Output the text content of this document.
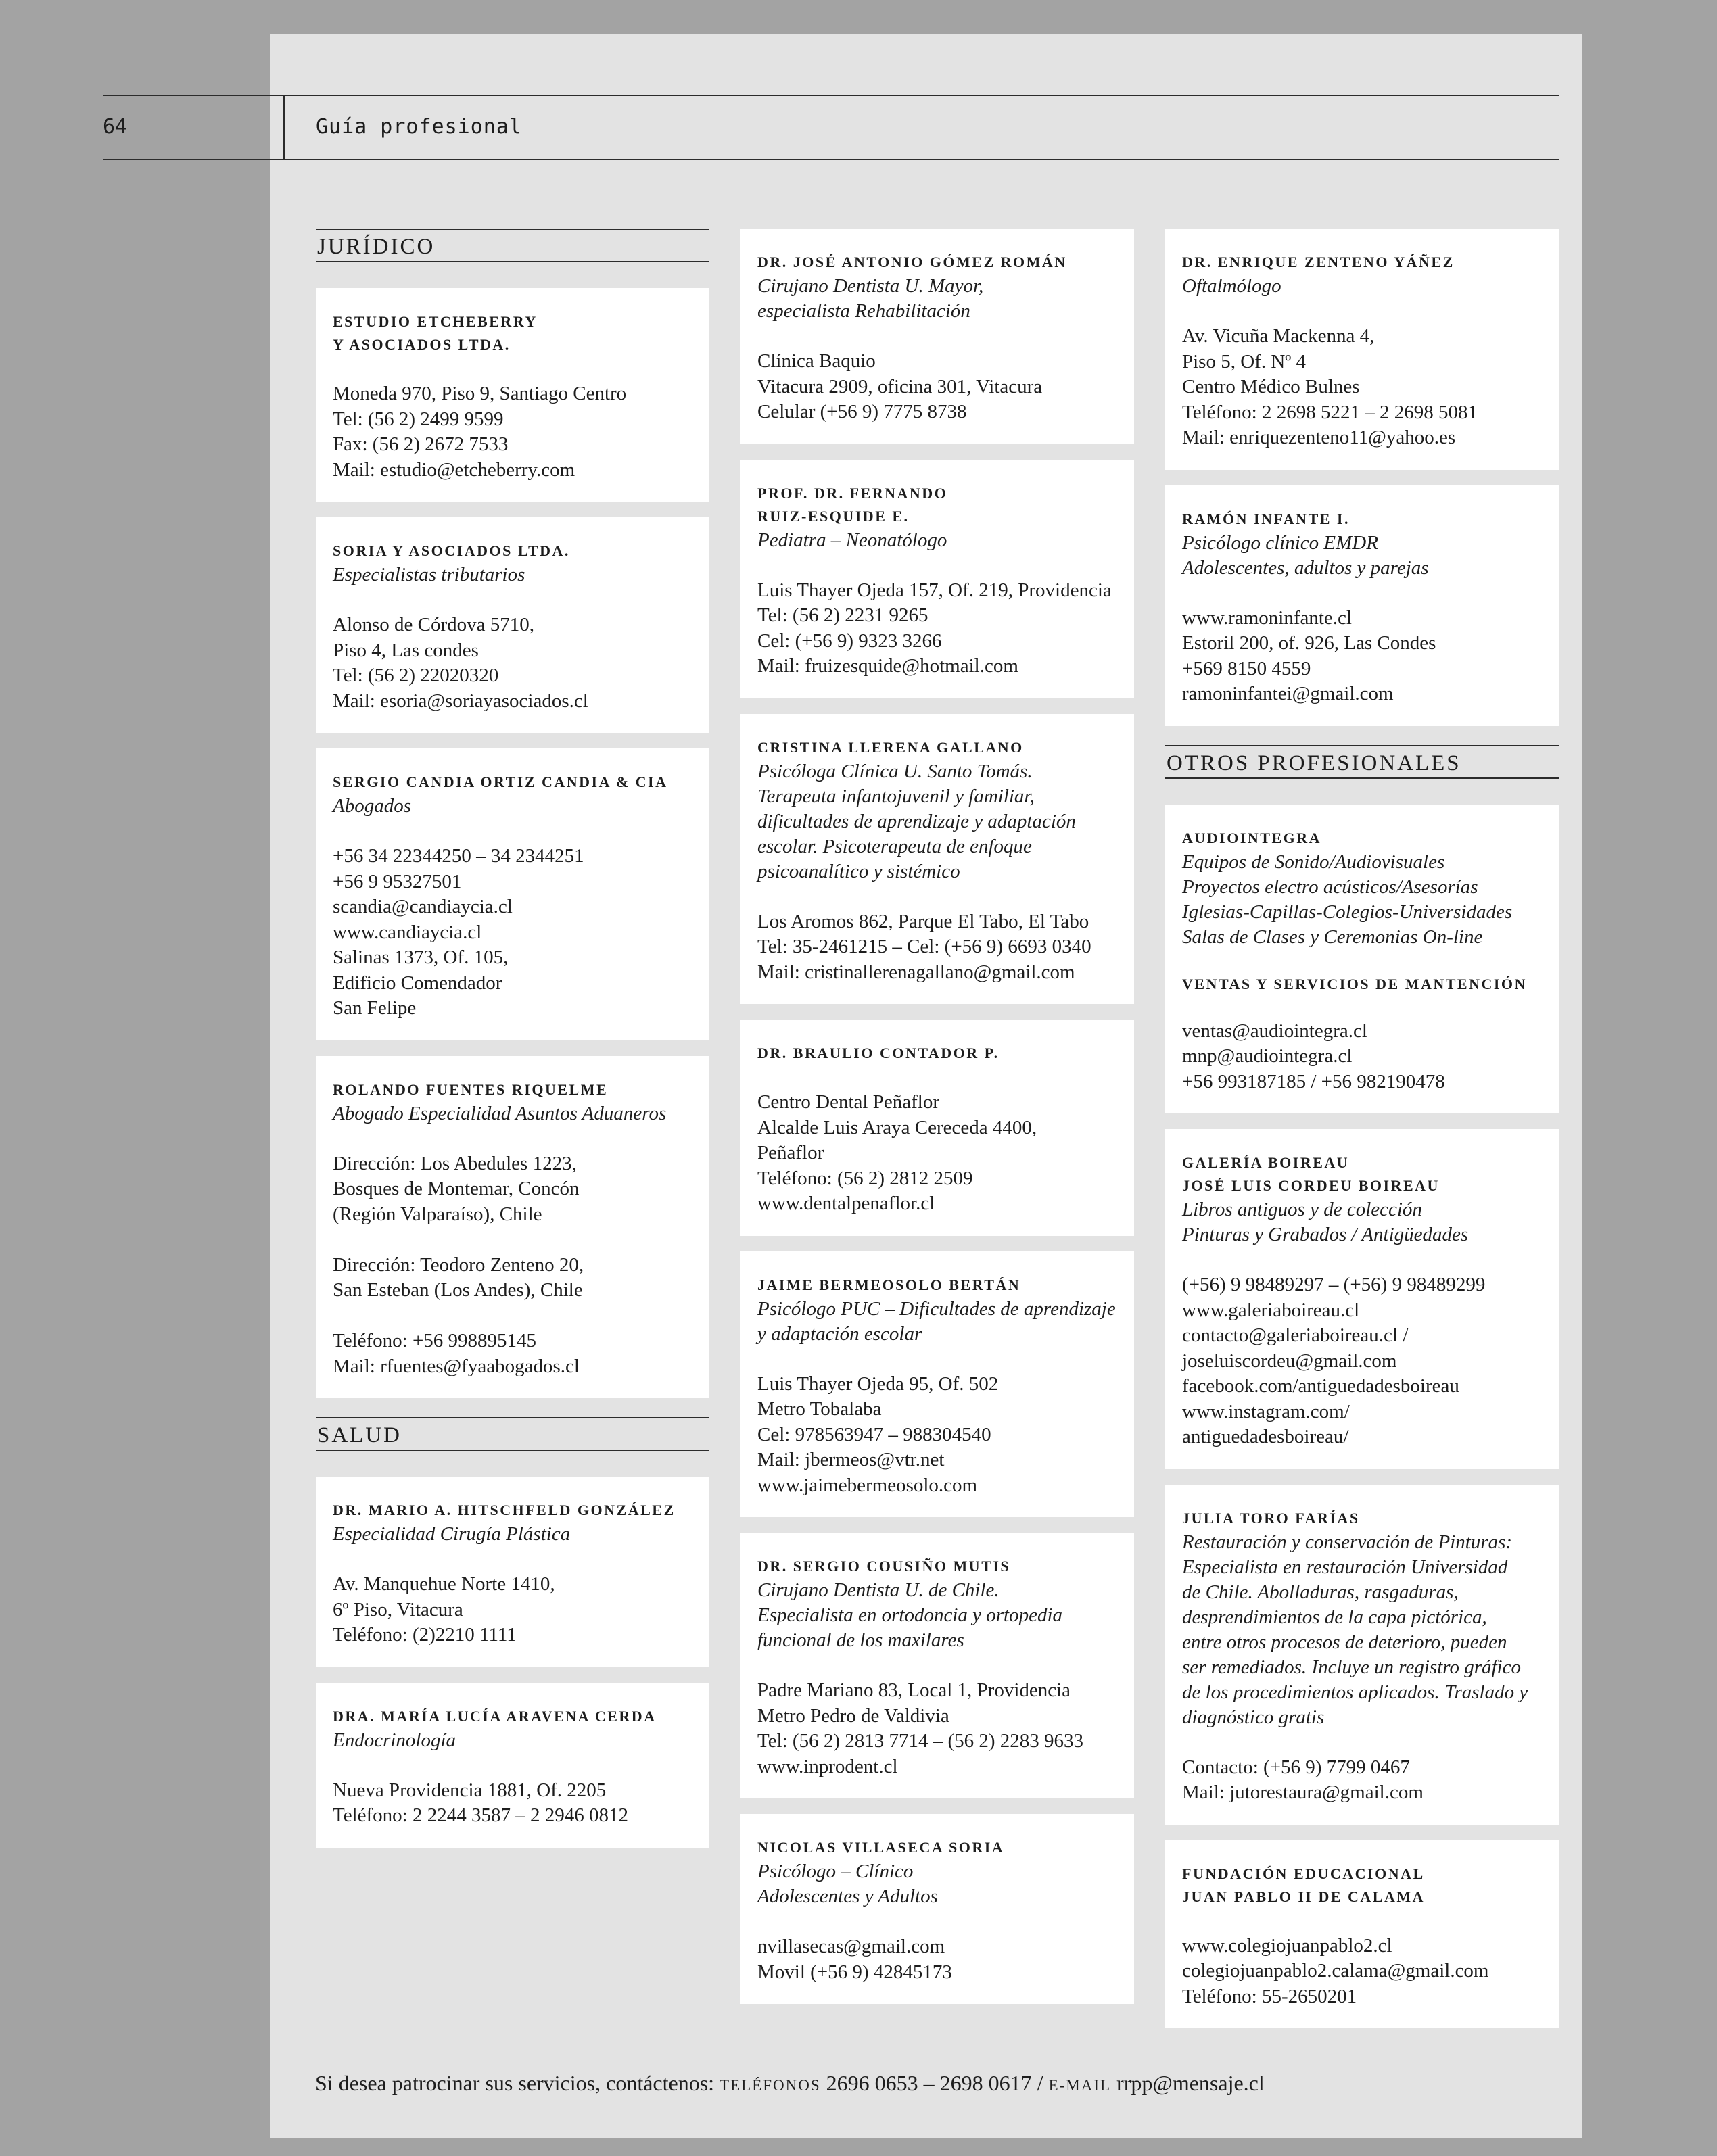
64	Guía profesional
JURÍDICO
ESTUDIO ETCHEBERRY
Y ASOCIADOS LTDA.
Moneda 970, Piso 9, Santiago Centro
Tel: (56 2) 2499 9599
Fax: (56 2) 2672 7533
Mail: estudio@etcheberry.com
SORIA Y ASOCIADOS LTDA.
Especialistas tributarios
Alonso de Córdova 5710,
Piso 4, Las condes
Tel: (56 2) 22020320
Mail: esoria@soriayasociados.cl
SERGIO CANDIA ORTIZ CANDIA & CIA
Abogados
+56 34 22344250 – 34 2344251
+56 9 95327501
scandia@candiaycia.cl
www.candiaycia.cl
Salinas 1373, Of. 105,
Edificio Comendador
San Felipe
ROLANDO FUENTES RIQUELME
Abogado Especialidad Asuntos Aduaneros
Dirección: Los Abedules 1223,
Bosques de Montemar, Concón
(Región Valparaíso), Chile

Dirección: Teodoro Zenteno 20,
San Esteban (Los Andes), Chile

Teléfono: +56 998895145
Mail: rfuentes@fyaabogados.cl
SALUD
DR. MARIO A. HITSCHFELD GONZÁLEZ
Especialidad Cirugía Plástica
Av. Manquehue Norte 1410,
6º Piso, Vitacura
Teléfono: (2)2210 1111
DRA. MARÍA LUCÍA ARAVENA CERDA
Endocrinología
Nueva Providencia 1881, Of. 2205
Teléfono: 2 2244 3587 – 2 2946 0812
DR. JOSÉ ANTONIO GÓMEZ ROMÁN
Cirujano Dentista U. Mayor,
especialista Rehabilitación
Clínica Baquio
Vitacura 2909, oficina 301, Vitacura
Celular (+56 9) 7775 8738
PROF. DR. FERNANDO
RUIZ-ESQUIDE E.
Pediatra – Neonatólogo
Luis Thayer Ojeda 157, Of. 219, Providencia
Tel: (56 2) 2231 9265
Cel: (+56 9) 9323 3266
Mail: fruizesquide@hotmail.com
CRISTINA LLERENA GALLANO
Psicóloga Clínica U. Santo Tomás.
Terapeuta infantojuvenil y familiar,
dificultades de aprendizaje y adaptación
escolar. Psicoterapeuta de enfoque
psicoanalítico y sistémico
Los Aromos 862, Parque El Tabo, El Tabo
Tel: 35-2461215 – Cel: (+56 9) 6693 0340
Mail: cristinallerenagallano@gmail.com
DR. BRAULIO CONTADOR P.
Centro Dental Peñaflor
Alcalde Luis Araya Cereceda 4400,
Peñaflor
Teléfono: (56 2) 2812 2509
www.dentalpenaflor.cl
JAIME BERMEOSOLO BERTÁN
Psicólogo PUC – Dificultades de aprendizaje
y adaptación escolar
Luis Thayer Ojeda 95, Of. 502
Metro Tobalaba
Cel: 978563947 – 988304540
Mail: jbermeos@vtr.net
www.jaimebermeosolo.com
DR. SERGIO COUSIÑO MUTIS
Cirujano Dentista U. de Chile.
Especialista en ortodoncia y ortopedia
funcional de los maxilares
Padre Mariano 83, Local 1, Providencia
Metro Pedro de Valdivia
Tel: (56 2) 2813 7714 – (56 2) 2283 9633
www.inprodent.cl
NICOLAS VILLASECA SORIA
Psicólogo – Clínico
Adolescentes y Adultos
nvillasecas@gmail.com
Movil (+56 9) 42845173
DR. ENRIQUE ZENTENO YÁÑEZ
Oftalmólogo
Av. Vicuña Mackenna 4,
Piso 5, Of. Nº 4
Centro Médico Bulnes
Teléfono: 2 2698 5221 – 2 2698 5081
Mail: enriquezenteno11@yahoo.es
RAMÓN INFANTE I.
Psicólogo clínico EMDR
Adolescentes, adultos y parejas
www.ramoninfante.cl
Estoril 200, of. 926, Las Condes
+569 8150 4559
ramoninfantei@gmail.com
OTROS PROFESIONALES
AUDIOINTEGRA
Equipos de Sonido/Audiovisuales
Proyectos electro acústicos/Asesorías
Iglesias-Capillas-Colegios-Universidades
Salas de Clases y Ceremonias On-line
VENTAS Y SERVICIOS DE MANTENCIÓN
ventas@audiointegra.cl
mnp@audiointegra.cl
+56 993187185 / +56 982190478
GALERÍA BOIREAU
JOSÉ LUIS CORDEU BOIREAU
Libros antiguos y de colección
Pinturas y Grabados / Antigüedades
(+56) 9 98489297 – (+56) 9 98489299
www.galeriaboireau.cl
contacto@galeriaboireau.cl /
joseluiscordeu@gmail.com
facebook.com/antiguedadesboireau
www.instagram.com/
antiguedadesboireau/
JULIA TORO FARÍAS
Restauración y conservación de Pinturas:
Especialista en restauración Universidad
de Chile. Abolladuras, rasgaduras,
desprendimientos de la capa pictórica,
entre otros procesos de deterioro, pueden
ser remediados. Incluye un registro gráfico
de los procedimientos aplicados. Traslado y
diagnóstico gratis
Contacto: (+56 9) 7799 0467
Mail: jutorestaura@gmail.com
FUNDACIÓN EDUCACIONAL
JUAN PABLO II DE CALAMA
www.colegiojuanpablo2.cl
colegiojuanpablo2.calama@gmail.com
Teléfono: 55-2650201
Si desea patrocinar sus servicios, contáctenos: TELÉFONOS 2696 0653 – 2698 0617 / E-MAIL rrpp@mensaje.cl
